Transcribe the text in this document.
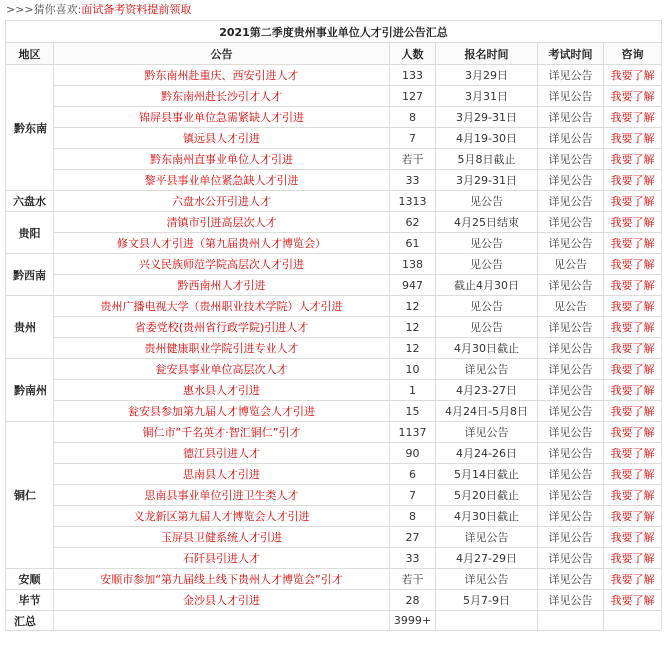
>>>猜你喜欢:面试备考资料提前领取
2021第二季度贵州事业单位人才引进公告汇总					
地区	公告	人数	报名时间	考试时间	咨询
黔东南	黔东南州赴重庆、西安引进人才	133	3月29日	详见公告	我要了解
	黔东南州赴长沙引才人才	127	3月31日	详见公告	我要了解
	锦屏县事业单位急需紧缺人才引进	8	3月29-31日	详见公告	我要了解
	镇远县人才引进	7	4月19-30日	详见公告	我要了解
	黔东南州直事业单位人才引进	若干	5月8日截止	详见公告	我要了解
	黎平县事业单位紧急缺人才引进	33	3月29-31日	详见公告	我要了解
六盘水	六盘水公开引进人才	1313	见公告	详见公告	我要了解
贵阳	清镇市引进高层次人才	62	4月25日结束	详见公告	我要了解
	修文县人才引进（第九届贵州人才博览会）	61	见公告	详见公告	我要了解
黔西南	兴义民族师范学院高层次人才引进	138	见公告	见公告	我要了解
	黔西南州人才引进	947	截止4月30日	详见公告	我要了解
贵州	贵州广播电视大学（贵州职业技术学院）人才引进	12	见公告	见公告	我要了解
	省委党校(贵州省行政学院)引进人才	12	见公告	详见公告	我要了解
	贵州健康职业学院引进专业人才	12	4月30日截止	详见公告	我要了解
黔南州	瓮安县事业单位高层次人才	10	详见公告	详见公告	我要了解
	惠水县人才引进	1	4月23-27日	详见公告	我要了解
	瓮安县参加第九届人才博览会人才引进	15	4月24日-5月8日	详见公告	我要了解
铜仁	铜仁市“千名英才·智汇铜仁”引才	1137	详见公告	详见公告	我要了解
	德江县引进人才	90	4月24-26日	详见公告	我要了解
	思南县人才引进	6	5月14日截止	详见公告	我要了解
	思南县事业单位引进卫生类人才	7	5月20日截止	详见公告	我要了解
	义龙新区第九届人才博览会人才引进	8	4月30日截止	详见公告	我要了解
	玉屏县卫健系统人才引进	27	详见公告	详见公告	我要了解
	石阡县引进人才	33	4月27-29日	详见公告	我要了解
安顺	安顺市参加“第九届线上线下贵州人才博览会”引才	若干	详见公告	详见公告	我要了解
毕节	金沙县人才引进	28	5月7-9日	详见公告	我要了解
汇总		3999+			
